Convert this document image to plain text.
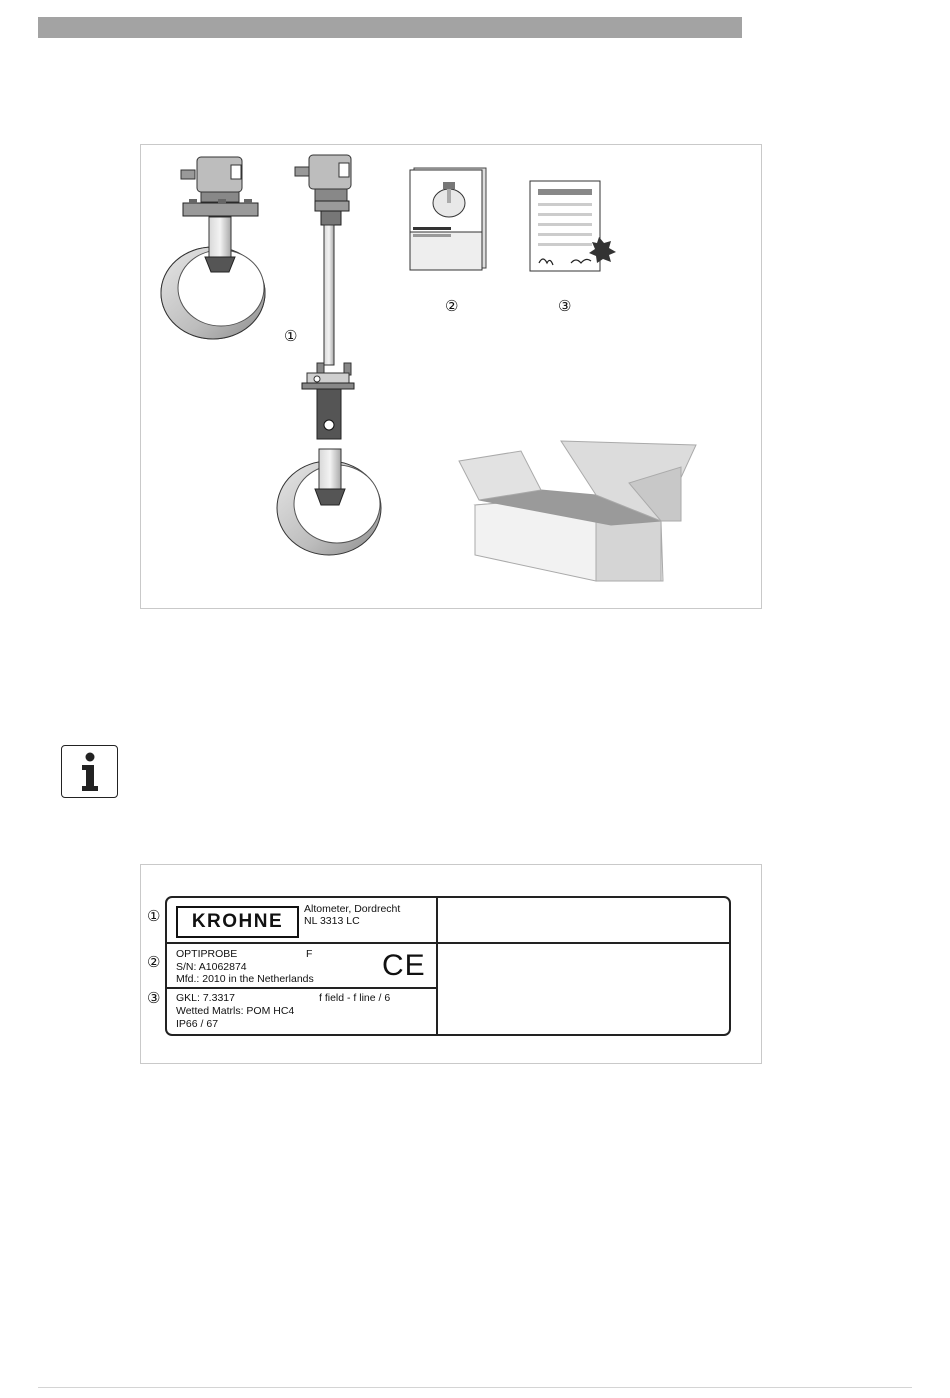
①
②	③
①
②
③
KROHNE
Altometer, Dordrecht
NL 3313 LC
OPTIPROBE	F
S/N: A1062874
Mfd.: 2010 in the Netherlands CE
GKL: 7.3317	f field - f line / 6
Wetted Matrls: POM HC4
IP66 / 67
